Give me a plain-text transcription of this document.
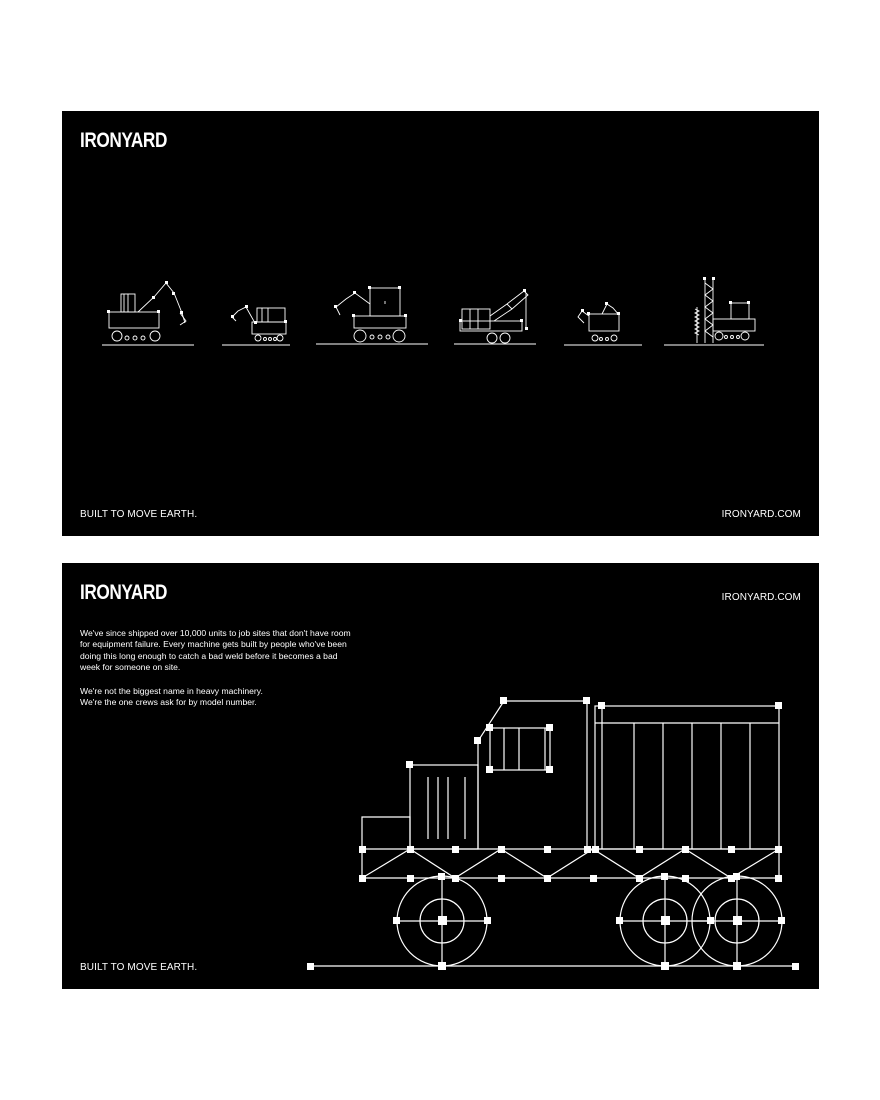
IRONYARD
BUILT TO MOVE EARTH.	IRONYARD.COM
IRONYARD	IRONYARD.COM

We've since shipped over 10,000 units to job sites that don't have room for equipment failure. Every machine gets built by people who've been doing this long enough to catch a bad weld before it becomes a bad week for someone on site.

We're not the biggest name in heavy machinery.
We're the one crews ask for by model number.

BUILT TO MOVE EARTH.
